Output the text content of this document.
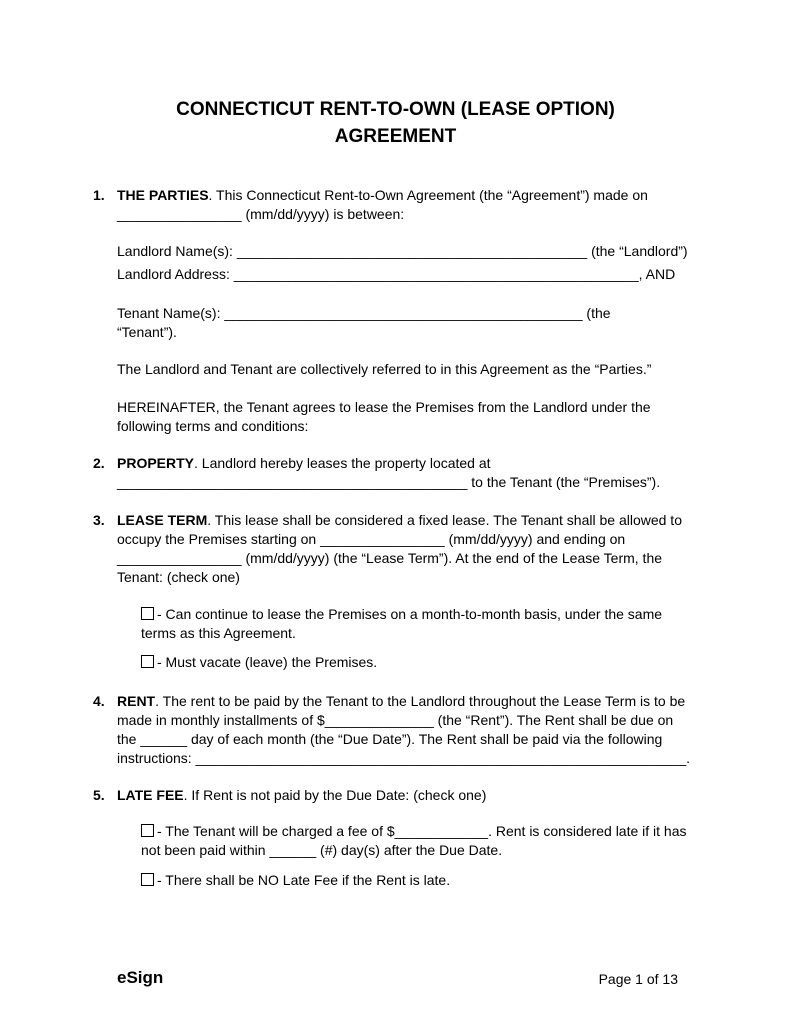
CONNECTICUT RENT-TO-OWN (LEASE OPTION)
AGREEMENT
1. THE PARTIES. This Connecticut Rent-to-Own Agreement (the “Agreement”) made on
________________ (mm/dd/yyyy) is between:
Landlord Name(s): _____________________________________________ (the “Landlord”)
Landlord Address: ____________________________________________________, AND
Tenant Name(s): ______________________________________________ (the
“Tenant”).
The Landlord and Tenant are collectively referred to in this Agreement as the “Parties.”
HEREINAFTER, the Tenant agrees to lease the Premises from the Landlord under the
following terms and conditions:
2. PROPERTY. Landlord hereby leases the property located at
_____________________________________________ to the Tenant (the “Premises”).
3. LEASE TERM. This lease shall be considered a fixed lease. The Tenant shall be allowed to
occupy the Premises starting on ________________ (mm/dd/yyyy) and ending on
________________ (mm/dd/yyyy) (the “Lease Term”). At the end of the Lease Term, the
Tenant: (check one)
- Can continue to lease the Premises on a month-to-month basis, under the same
terms as this Agreement.
- Must vacate (leave) the Premises.
4. RENT. The rent to be paid by the Tenant to the Landlord throughout the Lease Term is to be
made in monthly installments of $______________ (the “Rent”). The Rent shall be due on
the ______ day of each month (the “Due Date”). The Rent shall be paid via the following
instructions: _______________________________________________________________.
5. LATE FEE. If Rent is not paid by the Due Date: (check one)
- The Tenant will be charged a fee of $____________. Rent is considered late if it has
not been paid within ______ (#) day(s) after the Due Date.
- There shall be NO Late Fee if the Rent is late.
eSign	Page 1 of 13
